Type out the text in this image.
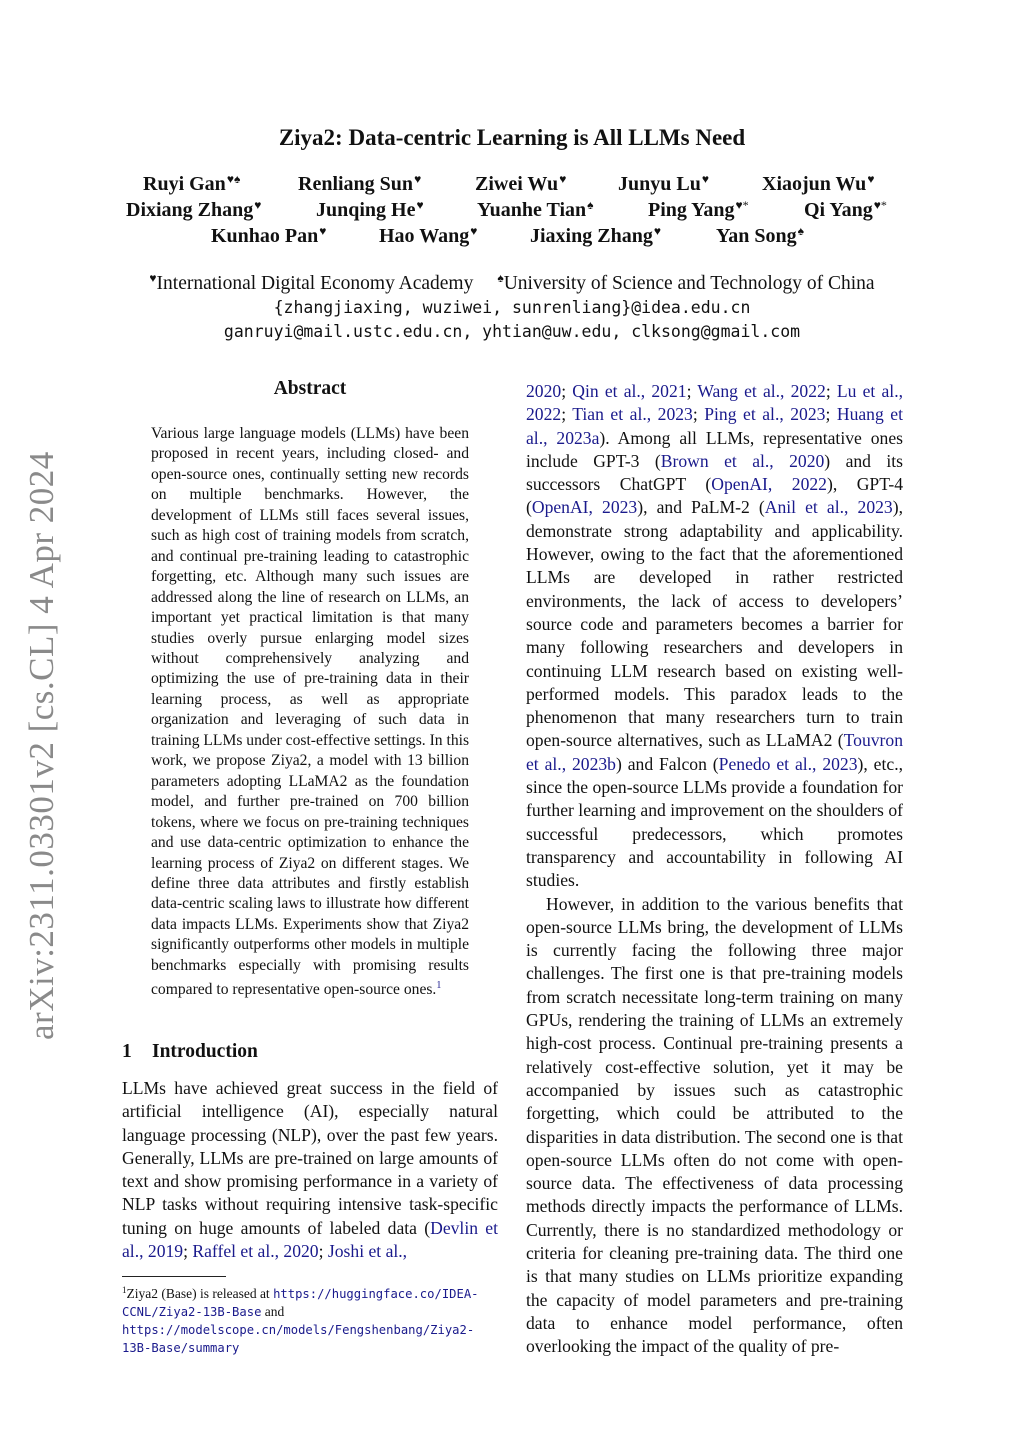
arXiv:2311.03301v2 [cs.CL] 4 Apr 2024
Ziya2: Data-centric Learning is All LLMs Need
Ruyi Gan♥♠	Renliang Sun♥	Ziwei Wu♥	Junyu Lu♥	Xiaojun Wu♥
Dixiang Zhang♥	Junqing He♥	Yuanhe Tian♠	Ping Yang♥*	Qi Yang♥*
Kunhao Pan♥	Hao Wang♥	Jiaxing Zhang♥	Yan Song♠
♥International Digital Economy Academy ♠University of Science and Technology of China
{zhangjiaxing, wuziwei, sunrenliang}@idea.edu.cn
ganruyi@mail.ustc.edu.cn, yhtian@uw.edu, clksong@gmail.com
Abstract
Various large language models (LLMs) have been proposed in recent years, including closed- and open-source ones, continually setting new records on multiple benchmarks. However, the development of LLMs still faces several issues, such as high cost of training models from scratch, and continual pre-training leading to catastrophic forgetting, etc. Although many such issues are addressed along the line of research on LLMs, an important yet practical limitation is that many studies overly pursue enlarging model sizes without comprehensively analyzing and optimizing the use of pre-training data in their learning process, as well as appropriate organization and leveraging of such data in training LLMs under cost-effective settings. In this work, we propose Ziya2, a model with 13 billion parameters adopting LLaMA2 as the foundation model, and further pre-trained on 700 billion tokens, where we focus on pre-training techniques and use data-centric optimization to enhance the learning process of Ziya2 on different stages. We define three data attributes and firstly establish data-centric scaling laws to illustrate how different data impacts LLMs. Experiments show that Ziya2 significantly outperforms other models in multiple benchmarks especially with promising results compared to representative open-source ones.$^1$
1 Introduction
LLMs have achieved great success in the field of artificial intelligence (AI), especially natural language processing (NLP), over the past few years. Generally, LLMs are pre-trained on large amounts of text and show promising performance in a variety of NLP tasks without requiring intensive task-specific tuning on huge amounts of labeled data (Devlin et al., 2019; Raffel et al., 2020; Joshi et al.,
$^1$Ziya2 (Base) is released at https://huggingface.co/IDEA-CCNL/Ziya2-13B-Base and https://modelscope.cn/models/Fengshenbang/Ziya2-13B-Base/summary

2020; Qin et al., 2021; Wang et al., 2022; Lu et al., 2022; Tian et al., 2023; Ping et al., 2023; Huang et al., 2023a). Among all LLMs, representative ones include GPT-3 (Brown et al., 2020) and its successors ChatGPT (OpenAI, 2022), GPT-4 (OpenAI, 2023), and PaLM-2 (Anil et al., 2023), demonstrate strong adaptability and applicability. However, owing to the fact that the aforementioned LLMs are developed in rather restricted environments, the lack of access to developers’ source code and parameters becomes a barrier for many following researchers and developers in continuing LLM research based on existing well-performed models. This paradox leads to the phenomenon that many researchers turn to train open-source alternatives, such as LLaMA2 (Touvron et al., 2023b) and Falcon (Penedo et al., 2023), etc., since the open-source LLMs provide a foundation for further learning and improvement on the shoulders of successful predecessors, which promotes transparency and accountability in following AI studies.

However, in addition to the various benefits that open-source LLMs bring, the development of LLMs is currently facing the following three major challenges. The first one is that pre-training models from scratch necessitate long-term training on many GPUs, rendering the training of LLMs an extremely high-cost process. Continual pre-training presents a relatively cost-effective solution, yet it may be accompanied by issues such as catastrophic forgetting, which could be attributed to the disparities in data distribution. The second one is that open-source LLMs often do not come with open-source data. The effectiveness of data processing methods directly impacts the performance of LLMs. Currently, there is no standardized methodology or criteria for cleaning pre-training data. The third one is that many studies on LLMs prioritize expanding the capacity of model parameters and pre-training data to enhance model performance, often overlooking the impact of the quality of pre-
